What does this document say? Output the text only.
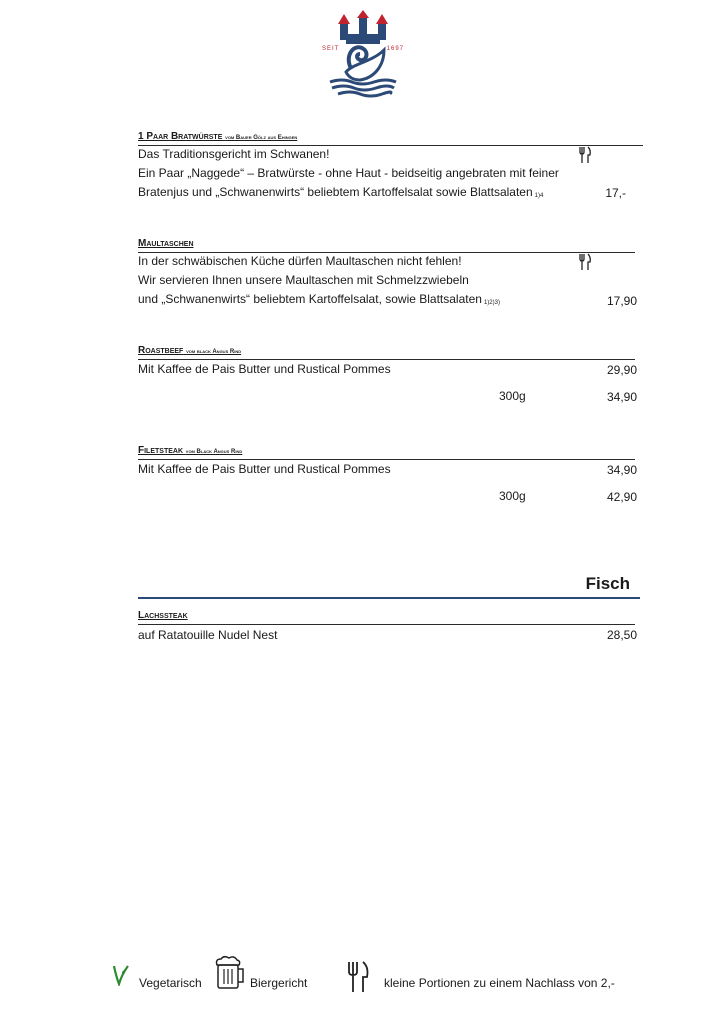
SEIT	1697
1 Paar Bratwürste vom Bauer Gölz aus Ehingen
Das Traditionsgericht im Schwanen!
Ein Paar „Naggede“ – Bratwürste - ohne Haut - beidseitig angebraten mit feiner
Bratenjus und „Schwanenwirts“ beliebtem Kartoffelsalat sowie Blattsalaten 1)4	17,-
Maultaschen
In der schwäbischen Küche dürfen Maultaschen nicht fehlen!
Wir servieren Ihnen unsere Maultaschen mit Schmelzzwiebeln
und „Schwanenwirts“ beliebtem Kartoffelsalat, sowie Blattsalaten 1)2)3)	17,90
Roastbeef vom black Angus Rind
Mit Kaffee de Pais Butter und Rustical Pommes	29,90
300g	34,90
Filetsteak vom Black Angus Rind
Mit Kaffee de Pais Butter und Rustical Pommes	34,90
300g	42,90
Fisch
Lachssteak
auf Ratatouille Nudel Nest	28,50
Vegetarisch	Biergericht	kleine Portionen zu einem Nachlass von 2,-
